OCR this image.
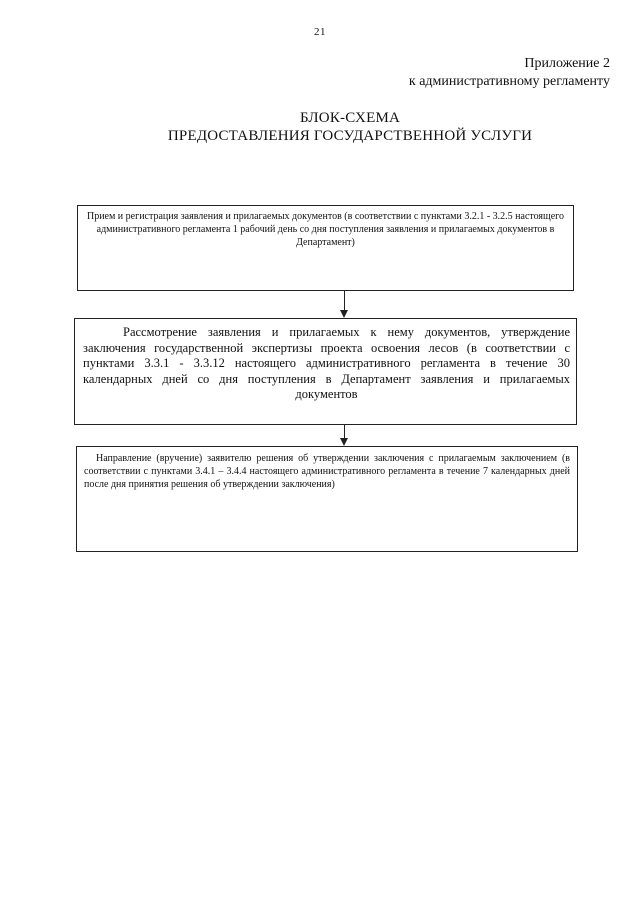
21
Приложение 2
к административному регламенту
БЛОК-СХЕМА
ПРЕДОСТАВЛЕНИЯ ГОСУДАРСТВЕННОЙ УСЛУГИ
Прием и регистрация заявления и прилагаемых документов (в соответствии с пунктами 3.2.1 - 3.2.5 настоящего административного регламента 1 рабочий день со дня поступления заявления и прилагаемых документов в Департамент)
Рассмотрение заявления и прилагаемых к нему документов, утверждение заключения государственной экспертизы проекта освоения лесов (в соответствии с пунктами 3.3.1 - 3.3.12 настоящего административного регламента в течение 30 календарных дней со дня поступления в Департамент заявления и прилагаемых документов
Направление (вручение) заявителю решения об утверждении заключения с прилагаемым заключением (в соответствии с пунктами 3.4.1 – 3.4.4 настоящего административного регламента в течение 7 календарных дней после дня принятия решения об утверждении заключения)
